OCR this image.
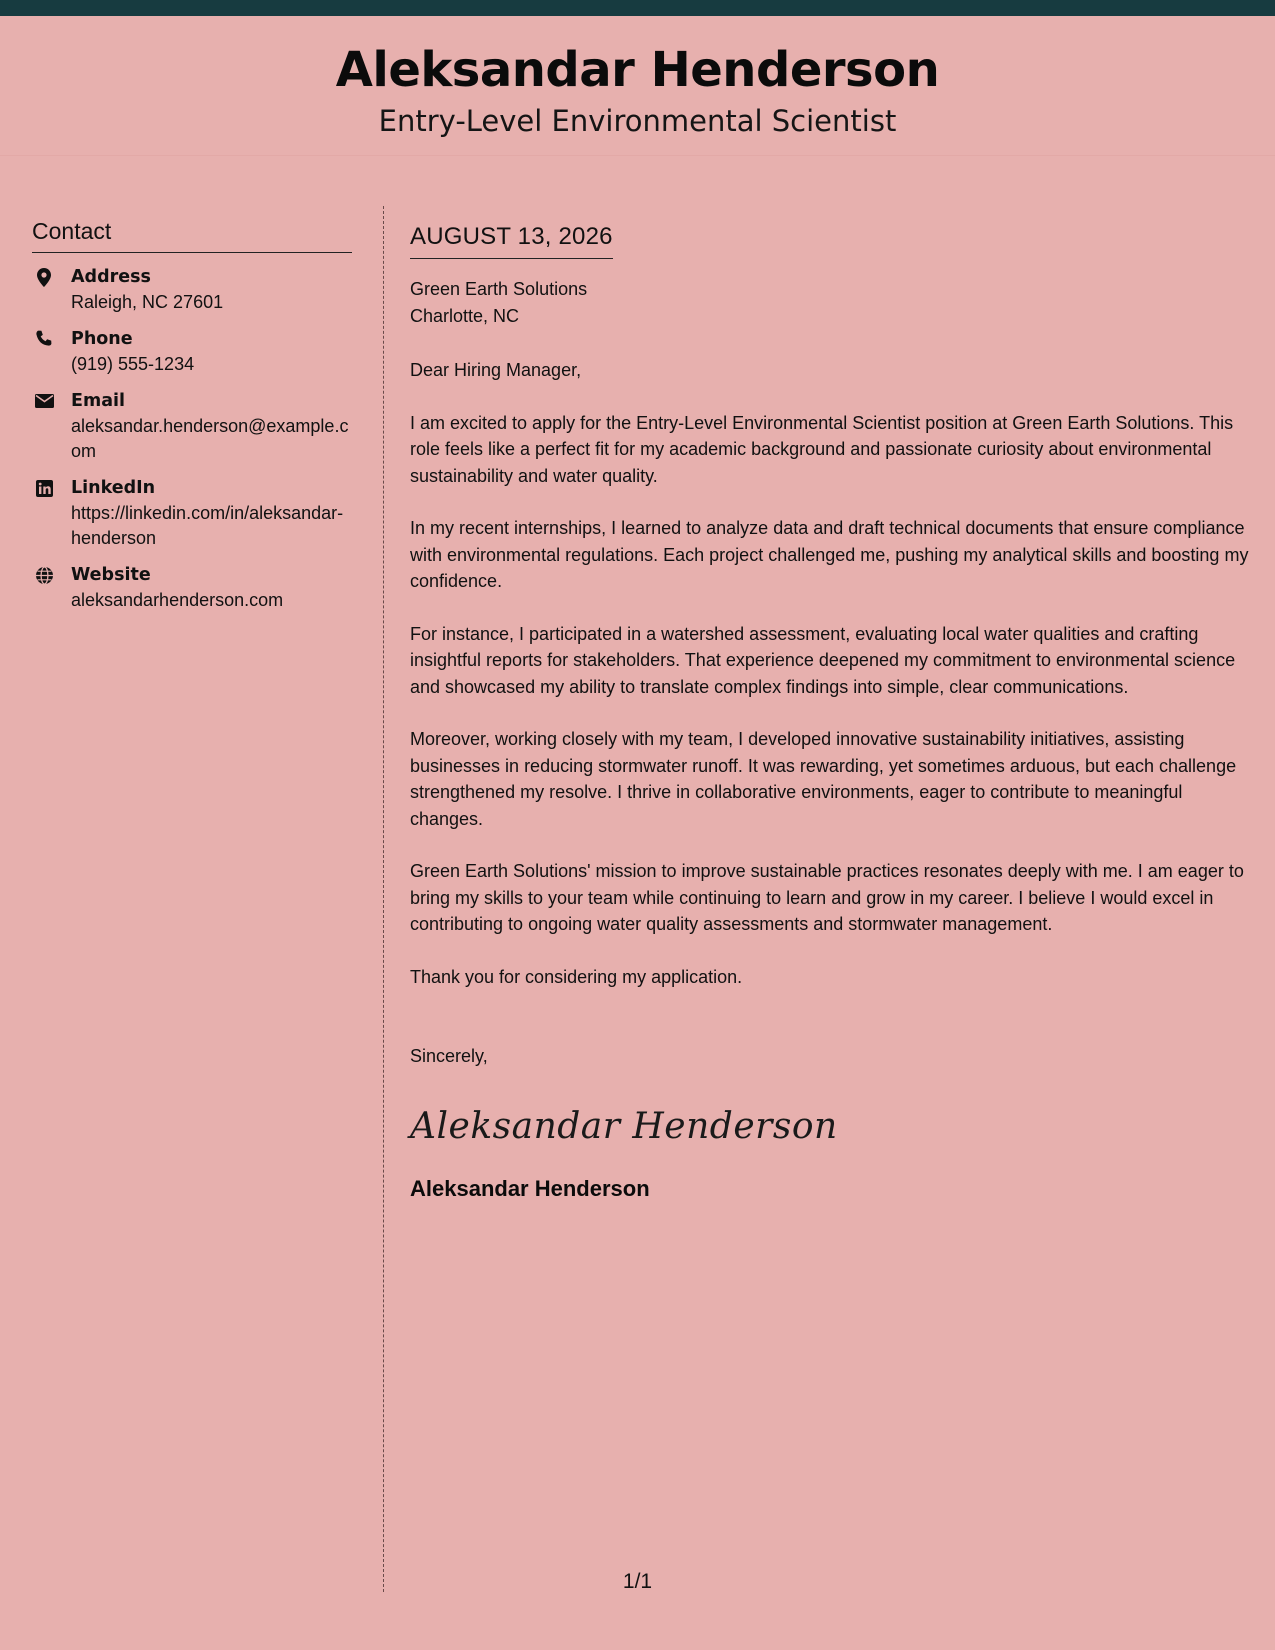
Aleksandar Henderson
Entry-Level Environmental Scientist
Contact
Address
Raleigh, NC 27601
Phone
(919) 555-1234
Email
aleksandar.henderson@example.com
LinkedIn
https://linkedin.com/in/aleksandar-henderson
Website
aleksandarhenderson.com
AUGUST 13, 2026
Green Earth Solutions
Charlotte, NC
Dear Hiring Manager,

I am excited to apply for the Entry-Level Environmental Scientist position at Green Earth Solutions. This role feels like a perfect fit for my academic background and passionate curiosity about environmental sustainability and water quality.

In my recent internships, I learned to analyze data and draft technical documents that ensure compliance with environmental regulations. Each project challenged me, pushing my analytical skills and boosting my confidence.

For instance, I participated in a watershed assessment, evaluating local water qualities and crafting insightful reports for stakeholders. That experience deepened my commitment to environmental science and showcased my ability to translate complex findings into simple, clear communications.

Moreover, working closely with my team, I developed innovative sustainability initiatives, assisting businesses in reducing stormwater runoff. It was rewarding, yet sometimes arduous, but each challenge strengthened my resolve. I thrive in collaborative environments, eager to contribute to meaningful changes.

Green Earth Solutions' mission to improve sustainable practices resonates deeply with me. I am eager to bring my skills to your team while continuing to learn and grow in my career. I believe I would excel in contributing to ongoing water quality assessments and stormwater management.

Thank you for considering my application.

Sincerely,
Aleksandar Henderson
Aleksandar Henderson
1/1
